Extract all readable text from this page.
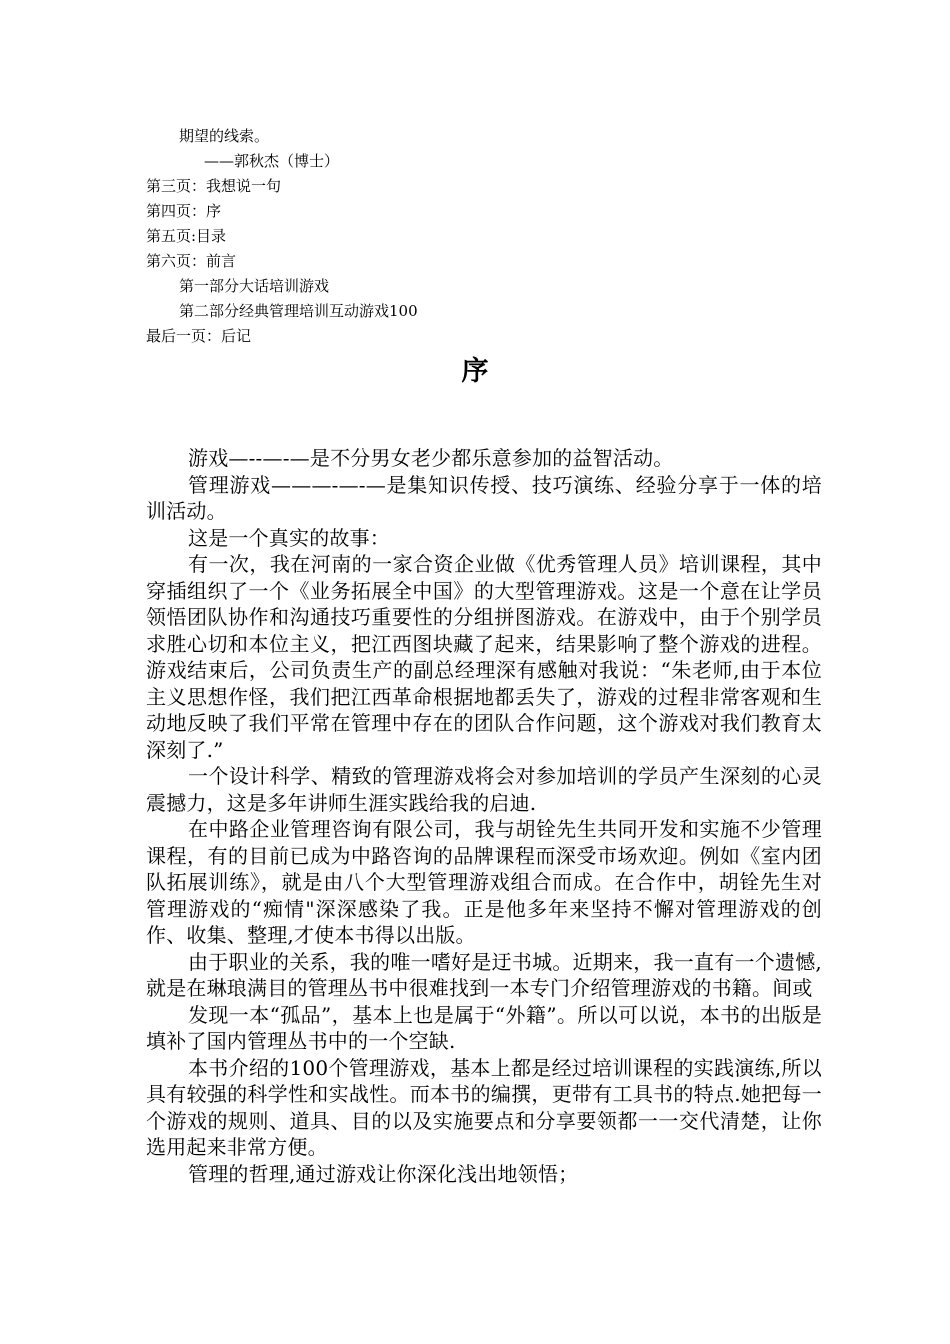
期望的线索。
——郭秋杰（博士）
第三页：我想说一句
第四页：序
第五页:目录
第六页：前言
第一部分大话培训游戏
第二部分经典管理培训互动游戏100
最后一页：后记
序

游戏—--—-—是不分男女老少都乐意参加的益智活动。

管理游戏———-—-—是集知识传授、技巧演练、经验分享于一体的培训活动。

这是一个真实的故事：

有一次，我在河南的一家合资企业做《优秀管理人员》培训课程，其中穿插组织了一个《业务拓展全中国》的大型管理游戏。这是一个意在让学员领悟团队协作和沟通技巧重要性的分组拼图游戏。在游戏中，由于个别学员求胜心切和本位主义，把江西图块藏了起来，结果影响了整个游戏的进程。游戏结束后，公司负责生产的副总经理深有感触对我说：“朱老师,由于本位主义思想作怪，我们把江西革命根据地都丢失了，游戏的过程非常客观和生动地反映了我们平常在管理中存在的团队合作问题，这个游戏对我们教育太深刻了.”

一个设计科学、精致的管理游戏将会对参加培训的学员产生深刻的心灵震撼力，这是多年讲师生涯实践给我的启迪.

在中路企业管理咨询有限公司，我与胡铨先生共同开发和实施不少管理课程，有的目前已成为中路咨询的品牌课程而深受市场欢迎。例如《室内团队拓展训练》，就是由八个大型管理游戏组合而成。在合作中，胡铨先生对管理游戏的“痴情"深深感染了我。正是他多年来坚持不懈对管理游戏的创作、收集、整理,才使本书得以出版。

由于职业的关系，我的唯一嗜好是迂书城。近期来，我一直有一个遗憾,就是在琳琅满目的管理丛书中很难找到一本专门介绍管理游戏的书籍。间或

发现一本“孤品”，基本上也是属于“外籍”。所以可以说，本书的出版是填补了国内管理丛书中的一个空缺.

本书介绍的100个管理游戏，基本上都是经过培训课程的实践演练,所以具有较强的科学性和实战性。而本书的编撰，更带有工具书的特点.她把每一个游戏的规则、道具、目的以及实施要点和分享要领都一一交代清楚，让你选用起来非常方便。

管理的哲理,通过游戏让你深化浅出地领悟；
